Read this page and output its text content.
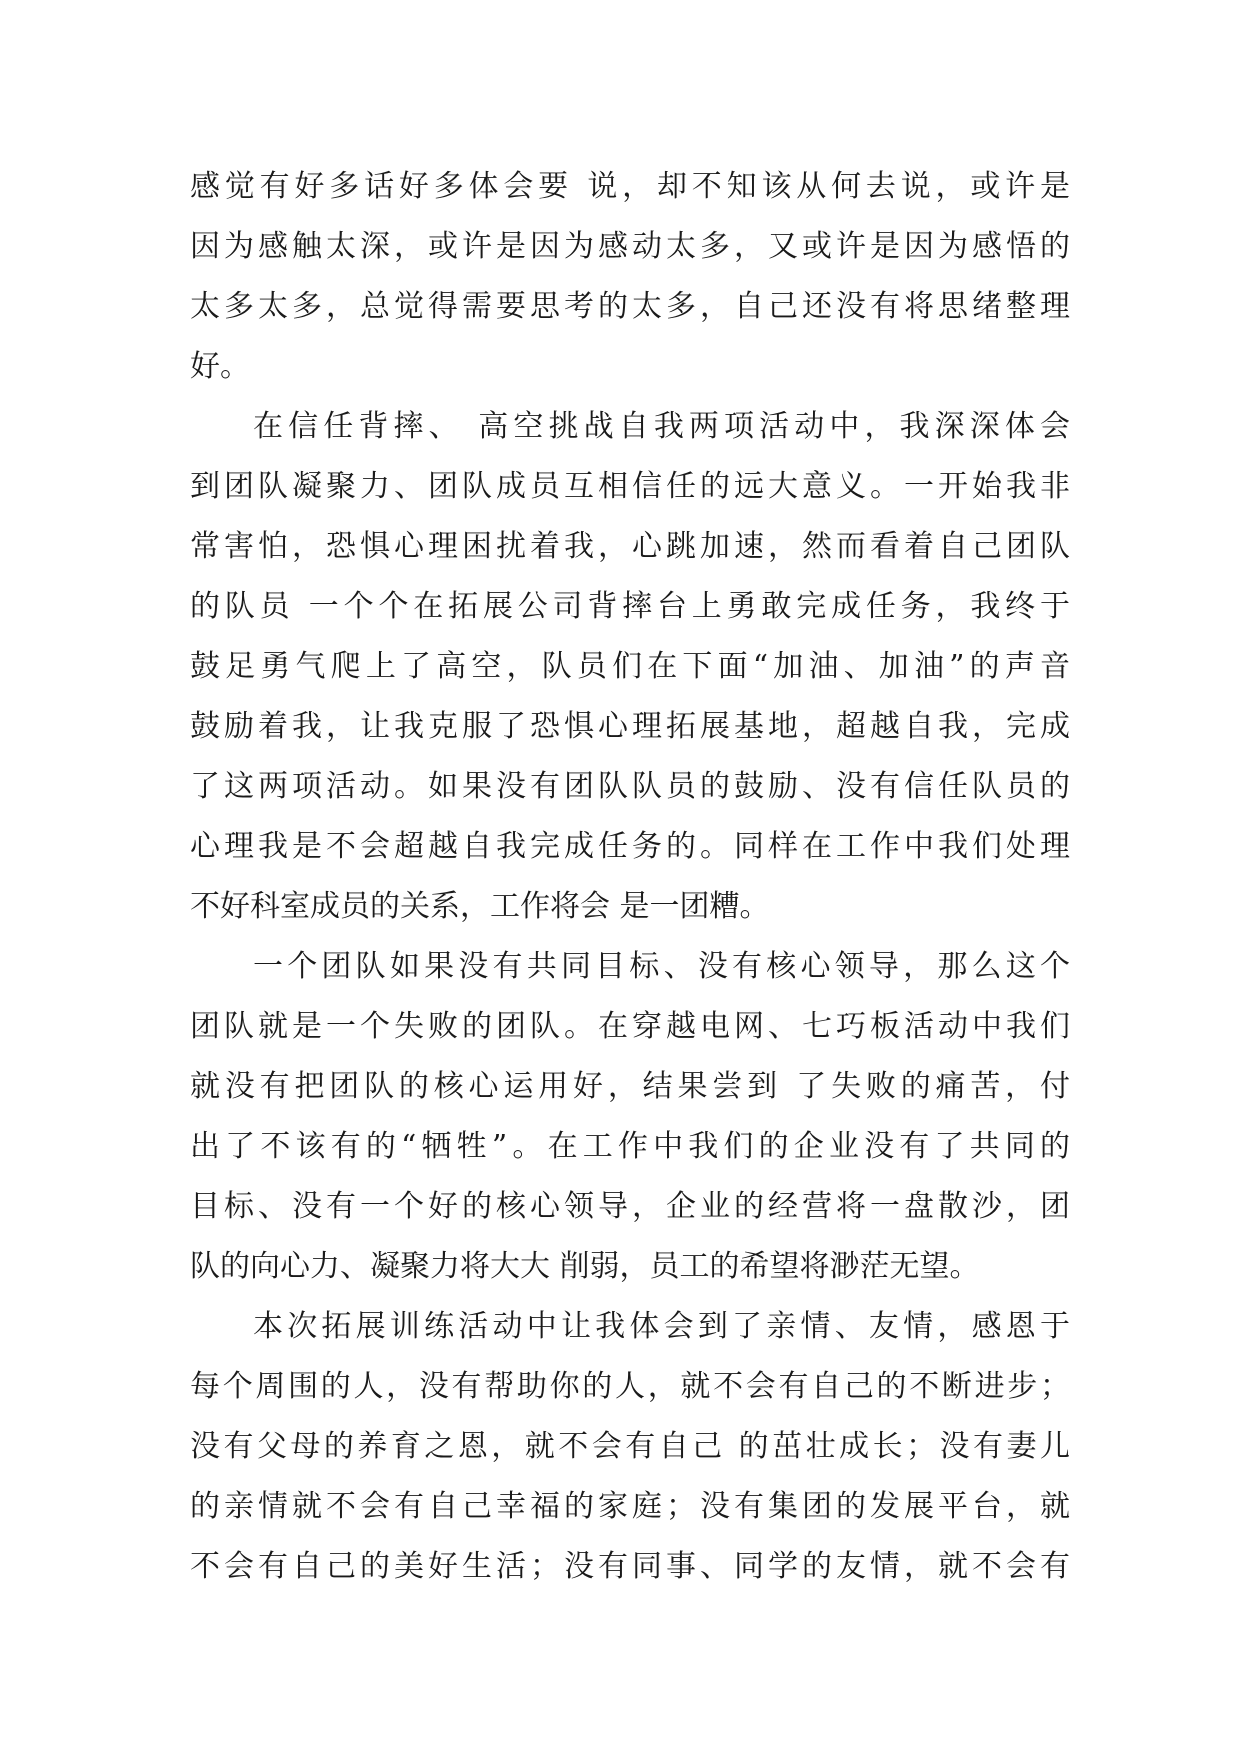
感觉有好多话好多体会要 说，却不知该从何去说，或许是
因为感触太深，或许是因为感动太多，又或许是因为感悟的
太多太多，总觉得需要思考的太多，自己还没有将思绪整理
好。
在信任背摔、 高空挑战自我两项活动中，我深深体会
到团队凝聚力、团队成员互相信任的远大意义。一开始我非
常害怕，恐惧心理困扰着我，心跳加速，然而看着自己团队
的队员 一个个在拓展公司背摔台上勇敢完成任务，我终于
鼓足勇气爬上了高空，队员们在下面“加油、加油”的声音
鼓励着我，让我克服了恐惧心理拓展基地，超越自我，完成
了这两项活动。如果没有团队队员的鼓励、没有信任队员的
心理我是不会超越自我完成任务的。同样在工作中我们处理
不好科室成员的关系，工作将会 是一团糟。
一个团队如果没有共同目标、没有核心领导，那么这个
团队就是一个失败的团队。在穿越电网、七巧板活动中我们
就没有把团队的核心运用好，结果尝到 了失败的痛苦，付
出了不该有的“牺牲”。在工作中我们的企业没有了共同的
目标、没有一个好的核心领导，企业的经营将一盘散沙，团
队的向心力、凝聚力将大大 削弱，员工的希望将渺茫无望。
本次拓展训练活动中让我体会到了亲情、友情，感恩于
每个周围的人，没有帮助你的人，就不会有自己的不断进步；
没有父母的养育之恩，就不会有自己 的茁壮成长；没有妻儿
的亲情就不会有自己幸福的家庭；没有集团的发展平台，就
不会有自己的美好生活；没有同事、同学的友情，就不会有
